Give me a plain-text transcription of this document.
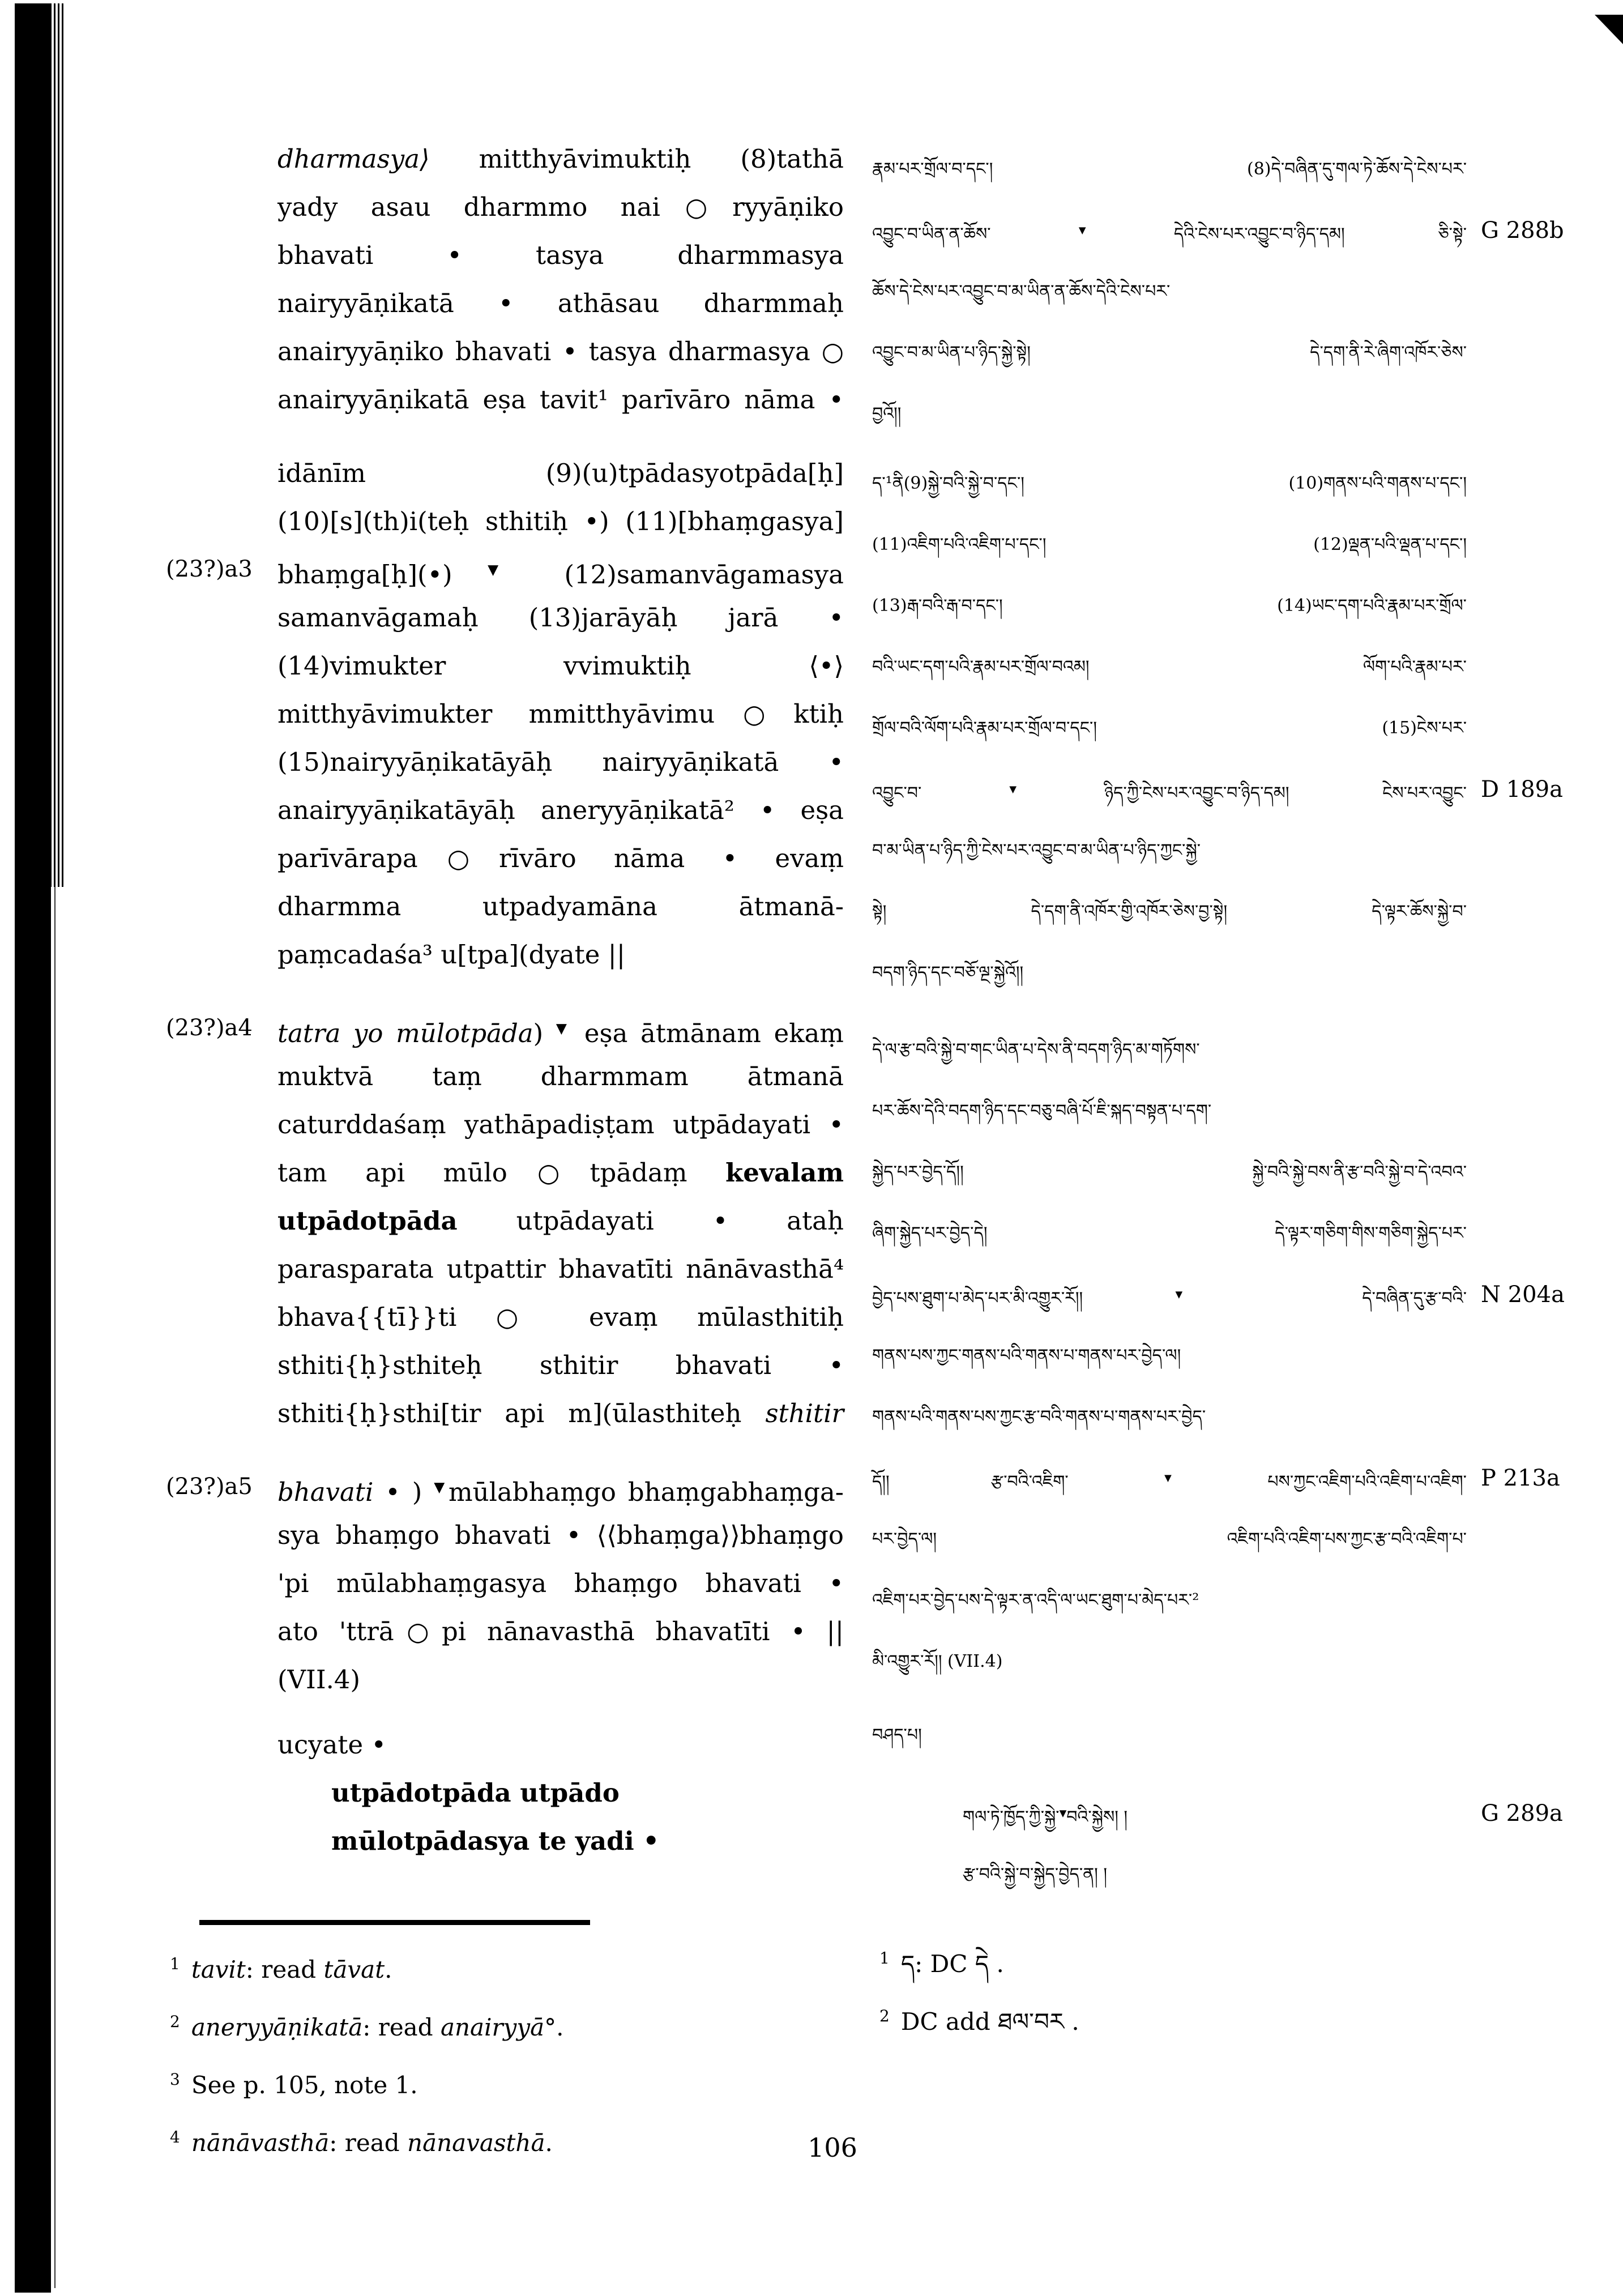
dharmasya⟩ mitthyāvimuktiḥ (8)tathā
yady asau dharmmo nai○ryyāṇiko
bhavati • tasya dharmmasya
nairyyāṇikatā • athāsau dharmmaḥ
anairyyāṇiko bhavati • tasya dharmasya ○
anairyyāṇikatā eṣa tavit¹ parīvāro nāma •
idānīm (9)(u)tpādasyotpāda[ḥ]
(10)[s](th)i(teḥ sthitiḥ •) (11)[bhaṃgasya]
bhaṃga[ḥ](•) ▼ (12)samanvāgamasya
(23?)a3
samanvāgamaḥ (13)jarāyāḥ jarā •
(14)vimukter vvimuktiḥ ⟨•⟩
mitthyāvimukter mmitthyāvimu○ktiḥ
(15)nairyyāṇikatāyāḥ nairyyāṇikatā •
anairyyāṇikatāyāḥ aneryyāṇikatā² • eṣa
parīvārapa○rīvāro nāma • evaṃ
dharmma utpadyamāna ātmanā-
paṃcadaśa³ u[tpa](dyate ||
tatra yo mūlotpāda) ▼ eṣa ātmānam ekaṃ
(23?)a4
muktvā taṃ dharmmam ātmanā
caturddaśaṃ yathāpadiṣṭam utpādayati •
tam api mūlo○tpādaṃ kevalam
utpādotpāda utpādayati • ataḥ
parasparata utpattir bhavatīti nānāvasthā⁴
bhava{{tī}}ti ○ evaṃ mūlasthitiḥ
sthiti{ḥ}sthiteḥ sthitir bhavati •
sthiti{ḥ}sthi[tir api m](ūlasthiteḥ sthitir
bhavati • ) ▼mūlabhaṃgo bhaṃgabhaṃga-
(23?)a5
sya bhaṃgo bhavati • ⟨⟨bhaṃga⟩⟩bhaṃgo
'pi mūlabhaṃgasya bhaṃgo bhavati •
ato 'ttrā○pi nānavasthā bhavatīti • ||
(VII.4)
ucyate •
utpādotpāda utpādo
mūlotpādasya te yadi •
རྣམ་པར་གྲོལ་བ་དང་། (8)དེ་བཞིན་དུ་གལ་ཏེ་ཆོས་དེ་ངེས་པར་
འབྱུང་བ་ཡིན་ན་ཆོས་▼དེའི་ངེས་པར་འབྱུང་བ་ཉིད་དམ། ཅི་སྟེ་ G 288b
ཆོས་དེ་ངེས་པར་འབྱུང་བ་མ་ཡིན་ན་ཆོས་དེའི་ངེས་པར་
འབྱུང་བ་མ་ཡིན་པ་ཉིད་སྐྱེ་སྟེ། དེ་དག་ནི་རེ་ཞིག་འཁོར་ཅེས་
བྱའོ།།
ད་¹ནི(9)སྐྱེ་བའི་སྐྱེ་བ་དང་། (10)གནས་པའི་གནས་པ་དང་།
(11)འཇིག་པའི་འཇིག་པ་དང་། (12)ལྡན་པའི་ལྡན་པ་དང་།
(13)རྒ་བའི་རྒ་བ་དང་། (14)ཡང་དག་པའི་རྣམ་པར་གྲོལ་
བའི་ཡང་དག་པའི་རྣམ་པར་གྲོལ་བའམ། ལོག་པའི་རྣམ་པར་
གྲོལ་བའི་ལོག་པའི་རྣམ་པར་གྲོལ་བ་དང་། (15)ངེས་པར་
འབྱུང་བ་▼ཉིད་ཀྱི་ངེས་པར་འབྱུང་བ་ཉིད་དམ། ངེས་པར་འབྱུང་ D 189a
བ་མ་ཡིན་པ་ཉིད་ཀྱི་ངེས་པར་འབྱུང་བ་མ་ཡིན་པ་ཉིད་ཀྱང་སྐྱེ་
སྟེ། དེ་དག་ནི་འཁོར་གྱི་འཁོར་ཅེས་བྱ་སྟེ། དེ་ལྟར་ཆོས་སྐྱེ་བ་
བདག་ཉིད་དང་བཅོ་ལྔ་སྐྱེའོ།།
དེ་ལ་རྩ་བའི་སྐྱེ་བ་གང་ཡིན་པ་དེས་ནི་བདག་ཉིད་མ་གཏོགས་
པར་ཆོས་དེའི་བདག་ཉིད་དང་བཅུ་བཞི་པོ་ཇི་སྐད་བསྟན་པ་དག་
སྐྱེད་པར་བྱེད་དོ།། སྐྱེ་བའི་སྐྱེ་བས་ནི་རྩ་བའི་སྐྱེ་བ་དེ་འབའ་
ཞིག་སྐྱེད་པར་བྱེད་དེ། དེ་ལྟར་གཅིག་གིས་གཅིག་སྐྱེད་པར་
བྱེད་པས་ཐུག་པ་མེད་པར་མི་འགྱུར་རོ།། ▼ དེ་བཞིན་དུ་རྩ་བའི་ N 204a
གནས་པས་ཀྱང་གནས་པའི་གནས་པ་གནས་པར་བྱེད་ལ།
གནས་པའི་གནས་པས་ཀྱང་རྩ་བའི་གནས་པ་གནས་པར་བྱེད་
དོ།། རྩ་བའི་འཇིག་▼པས་ཀྱང་འཇིག་པའི་འཇིག་པ་འཇིག་ P 213a
པར་བྱེད་ལ། འཇིག་པའི་འཇིག་པས་ཀྱང་རྩ་བའི་འཇིག་པ་
འཇིག་པར་བྱེད་པས་དེ་ལྟར་ན་འདི་ལ་ཡང་ཐུག་པ་མེད་པར་²
མི་འགྱུར་རོ།། (VII.4)
བཤད་པ།
གལ་ཏེ་ཁྱོད་ཀྱི་སྐྱེ་▼བའི་སྐྱེས། །	G 289a
རྩ་བའི་སྐྱེ་བ་སྐྱེད་བྱེད་ན། །
$^1$ tavit: read tāvat.
$^2$ aneryyāṇikatā: read anairyyā°.
$^3$ See p. 105, note 1.
$^4$ nānāvasthā: read nānavasthā.
$^1$ ད: DC དེ .
$^2$ DC add ཐལ་བར .
106
